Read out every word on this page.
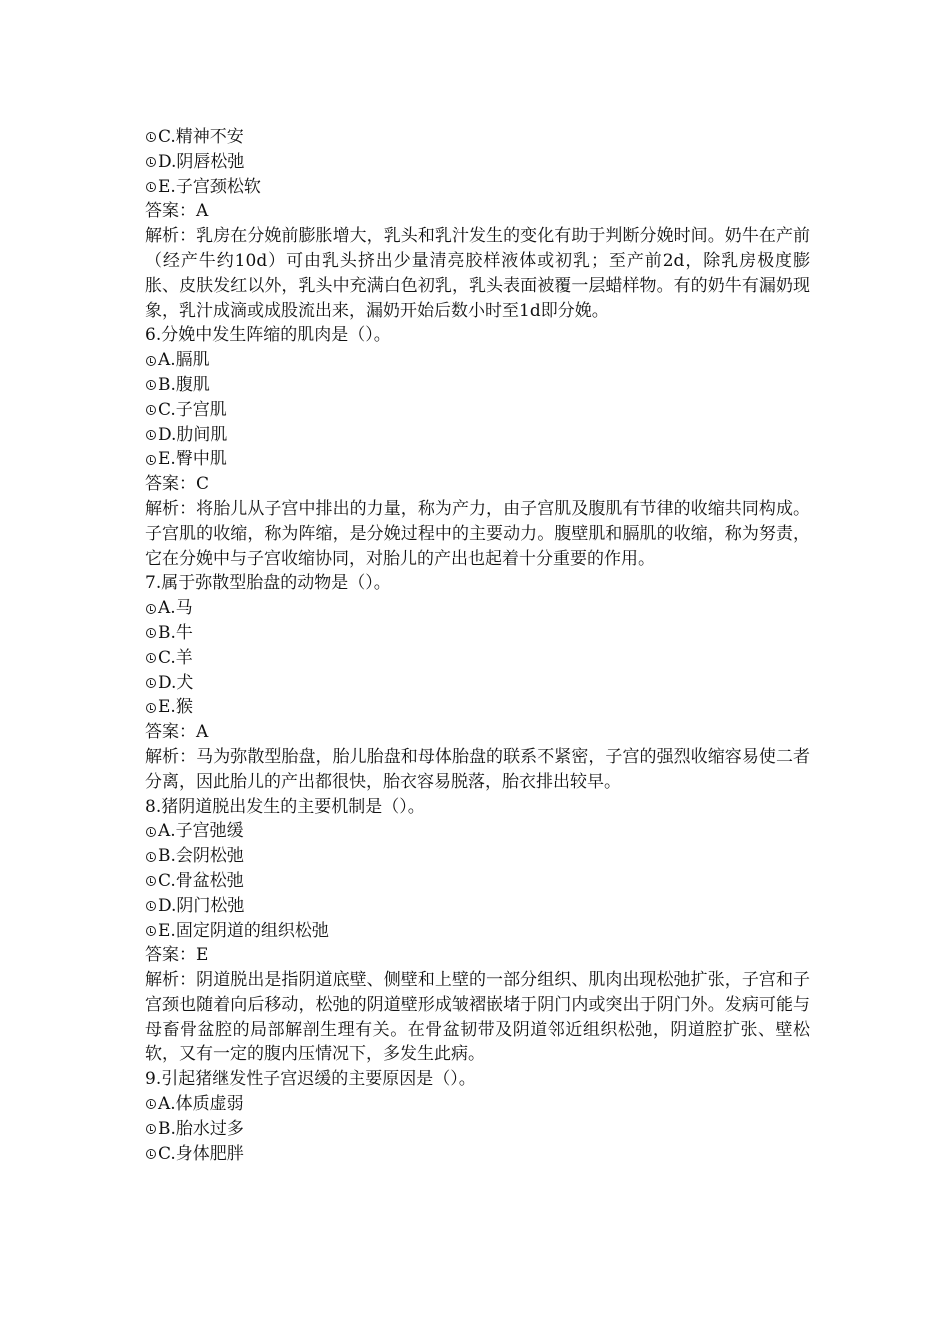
C.精神不安
D.阴唇松弛
E.子宫颈松软
答案：A
解析：乳房在分娩前膨胀增大，乳头和乳汁发生的变化有助于判断分娩时间。奶牛在产前（经产牛约10d）可由乳头挤出少量清亮胶样液体或初乳；至产前2d，除乳房极度膨胀、皮肤发红以外，乳头中充满白色初乳，乳头表面被覆一层蜡样物。有的奶牛有漏奶现象，乳汁成滴或成股流出来，漏奶开始后数小时至1d即分娩。
6.分娩中发生阵缩的肌肉是（）。
A.膈肌
B.腹肌
C.子宫肌
D.肋间肌
E.臀中肌
答案：C
解析：将胎儿从子宫中排出的力量，称为产力，由子宫肌及腹肌有节律的收缩共同构成。子宫肌的收缩，称为阵缩，是分娩过程中的主要动力。腹壁肌和膈肌的收缩，称为努责，它在分娩中与子宫收缩协同，对胎儿的产出也起着十分重要的作用。
7.属于弥散型胎盘的动物是（）。
A.马
B.牛
C.羊
D.犬
E.猴
答案：A
解析：马为弥散型胎盘，胎儿胎盘和母体胎盘的联系不紧密，子宫的强烈收缩容易使二者分离，因此胎儿的产出都很快，胎衣容易脱落，胎衣排出较早。
8.猪阴道脱出发生的主要机制是（）。
A.子宫弛缓
B.会阴松弛
C.骨盆松弛
D.阴门松弛
E.固定阴道的组织松弛
答案：E
解析：阴道脱出是指阴道底壁、侧壁和上壁的一部分组织、肌肉出现松弛扩张，子宫和子宫颈也随着向后移动，松弛的阴道壁形成皱褶嵌堵于阴门内或突出于阴门外。发病可能与母畜骨盆腔的局部解剖生理有关。在骨盆韧带及阴道邻近组织松弛，阴道腔扩张、壁松软，又有一定的腹内压情况下，多发生此病。
9.引起猪继发性子宫迟缓的主要原因是（）。
A.体质虚弱
B.胎水过多
C.身体肥胖
